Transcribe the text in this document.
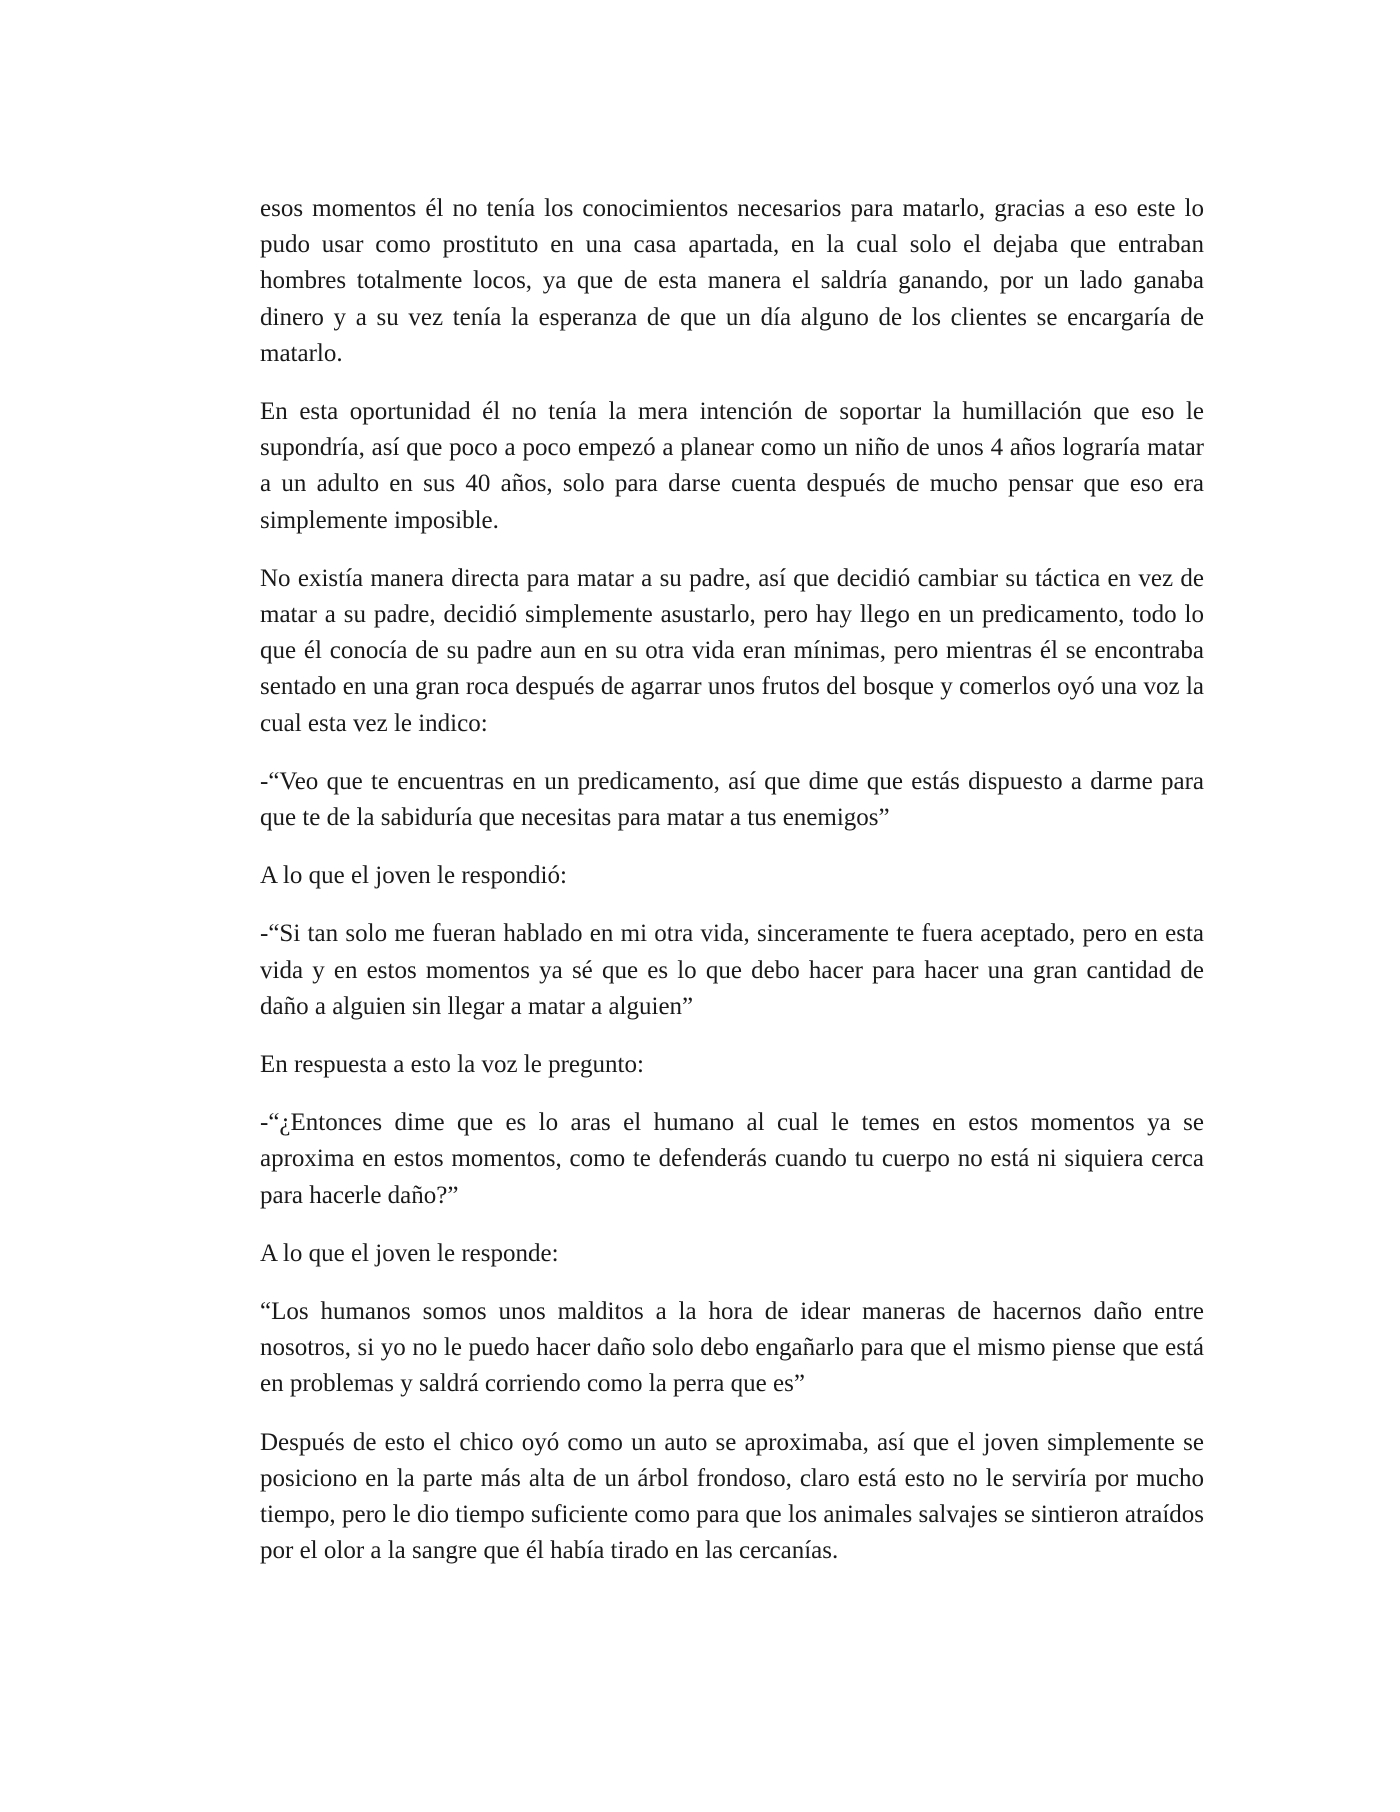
esos momentos él no tenía los conocimientos necesarios para matarlo, gracias a eso este lo pudo usar como prostituto en una casa apartada, en la cual solo el dejaba que entraban hombres totalmente locos, ya que de esta manera el saldría ganando, por un lado ganaba dinero y a su vez tenía la esperanza de que un día alguno de los clientes se encargaría de matarlo.

En esta oportunidad él no tenía la mera intención de soportar la humillación que eso le supondría, así que poco a poco empezó a planear como un niño de unos 4 años lograría matar a un adulto en sus 40 años, solo para darse cuenta después de mucho pensar que eso era simplemente imposible.

No existía manera directa para matar a su padre, así que decidió cambiar su táctica en vez de matar a su padre, decidió simplemente asustarlo, pero hay llego en un predicamento, todo lo que él conocía de su padre aun en su otra vida eran mínimas, pero mientras él se encontraba sentado en una gran roca después de agarrar unos frutos del bosque y comerlos oyó una voz la cual esta vez le indico:

-“Veo que te encuentras en un predicamento, así que dime que estás dispuesto a darme para que te de la sabiduría que necesitas para matar a tus enemigos”

A lo que el joven le respondió:

-“Si tan solo me fueran hablado en mi otra vida, sinceramente te fuera aceptado, pero en esta vida y en estos momentos ya sé que es lo que debo hacer para hacer una gran cantidad de daño a alguien sin llegar a matar a alguien”

En respuesta a esto la voz le pregunto:

-“¿Entonces dime que es lo aras el humano al cual le temes en estos momentos ya se aproxima en estos momentos, como te defenderás cuando tu cuerpo no está ni siquiera cerca para hacerle daño?”

A lo que el joven le responde:

“Los humanos somos unos malditos a la hora de idear maneras de hacernos daño entre nosotros, si yo no le puedo hacer daño solo debo engañarlo para que el mismo piense que está en problemas y saldrá corriendo como la perra que es”

Después de esto el chico oyó como un auto se aproximaba, así que el joven simplemente se posiciono en la parte más alta de un árbol frondoso, claro está esto no le serviría por mucho tiempo, pero le dio tiempo suficiente como para que los animales salvajes se sintieron atraídos por el olor a la sangre que él había tirado en las cercanías.
